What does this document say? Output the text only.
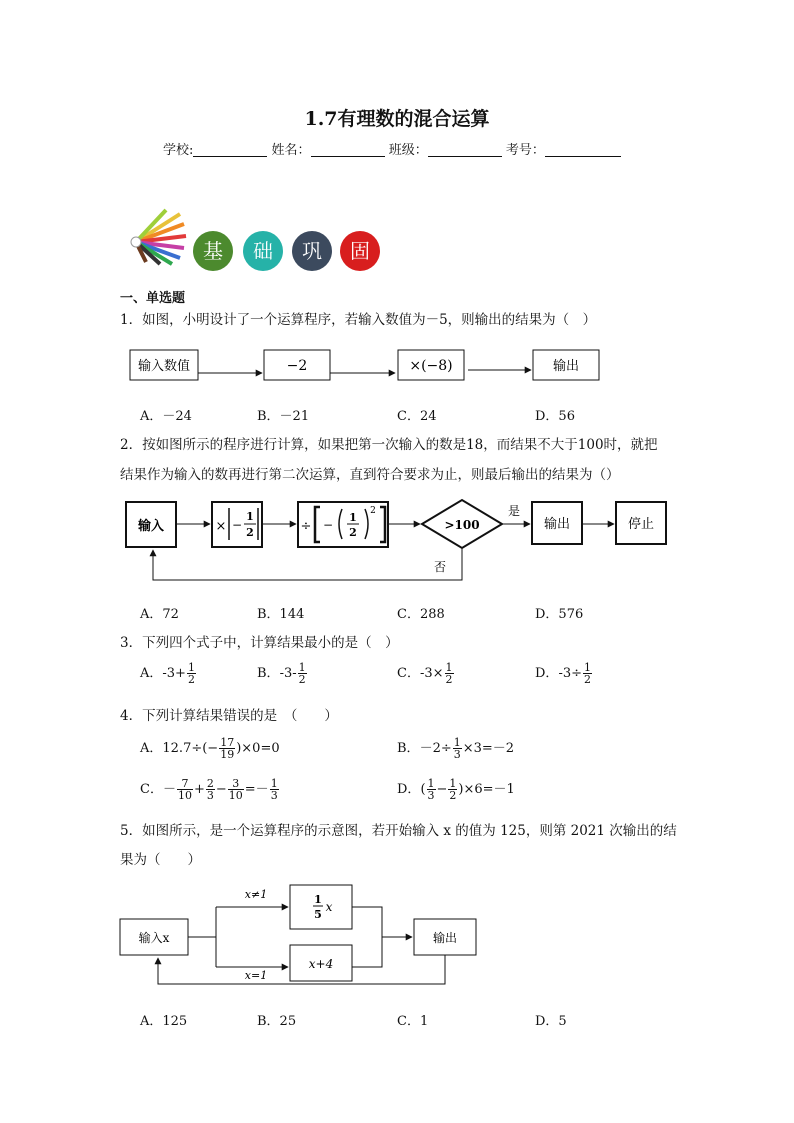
1.7有理数的混合运算
学校:	姓名：	班级：	考号：
基	础	巩	固
一、单选题
1．如图，小明设计了一个运算程序，若输入数值为－5，则输出的结果为（　）
输入数值	−2	×(−8)	输出
A．－24	B．－21	C．24	D．56
2．按如图所示的程序进行计算，如果把第一次输入的数是18，而结果不大于100时，就把
结果作为输入的数再进行第二次运算，直到符合要求为止，则最后输出的结果为（）
输入	× −
1
2	÷ −
1
2
2
>100
是
输出	停止
否
A．72	B．144	C．288	D．576
3．下列四个式子中，计算结果最小的是（　）
A．$-3+ \frac{1}{2}$	B．$-3- \frac{1}{2}$	C．$-3\times \frac{1}{2}$	D．$-3\div \frac{1}{2}$
4．下列计算结果错误的是　（　　）
A．$12.7\div(- \frac{17}{19} )\times 0=0$	B．$-2\div \frac{1}{3} \times 3=-2$
C．－ $\frac{7}{10} + \frac{2}{3} - \frac{3}{10} =- \frac{1}{3}$	D．( $\frac{1}{3} - \frac{1}{2} )\times 6=-1$
5．如图所示，是一个运算程序的示意图，若开始输入 x 的值为 125，则第 2021 次输出的结
果为（　　）
输入x
x≠1
x=1
1
5
x
x+4
输出
A．125	B．25	C．1	D．5
